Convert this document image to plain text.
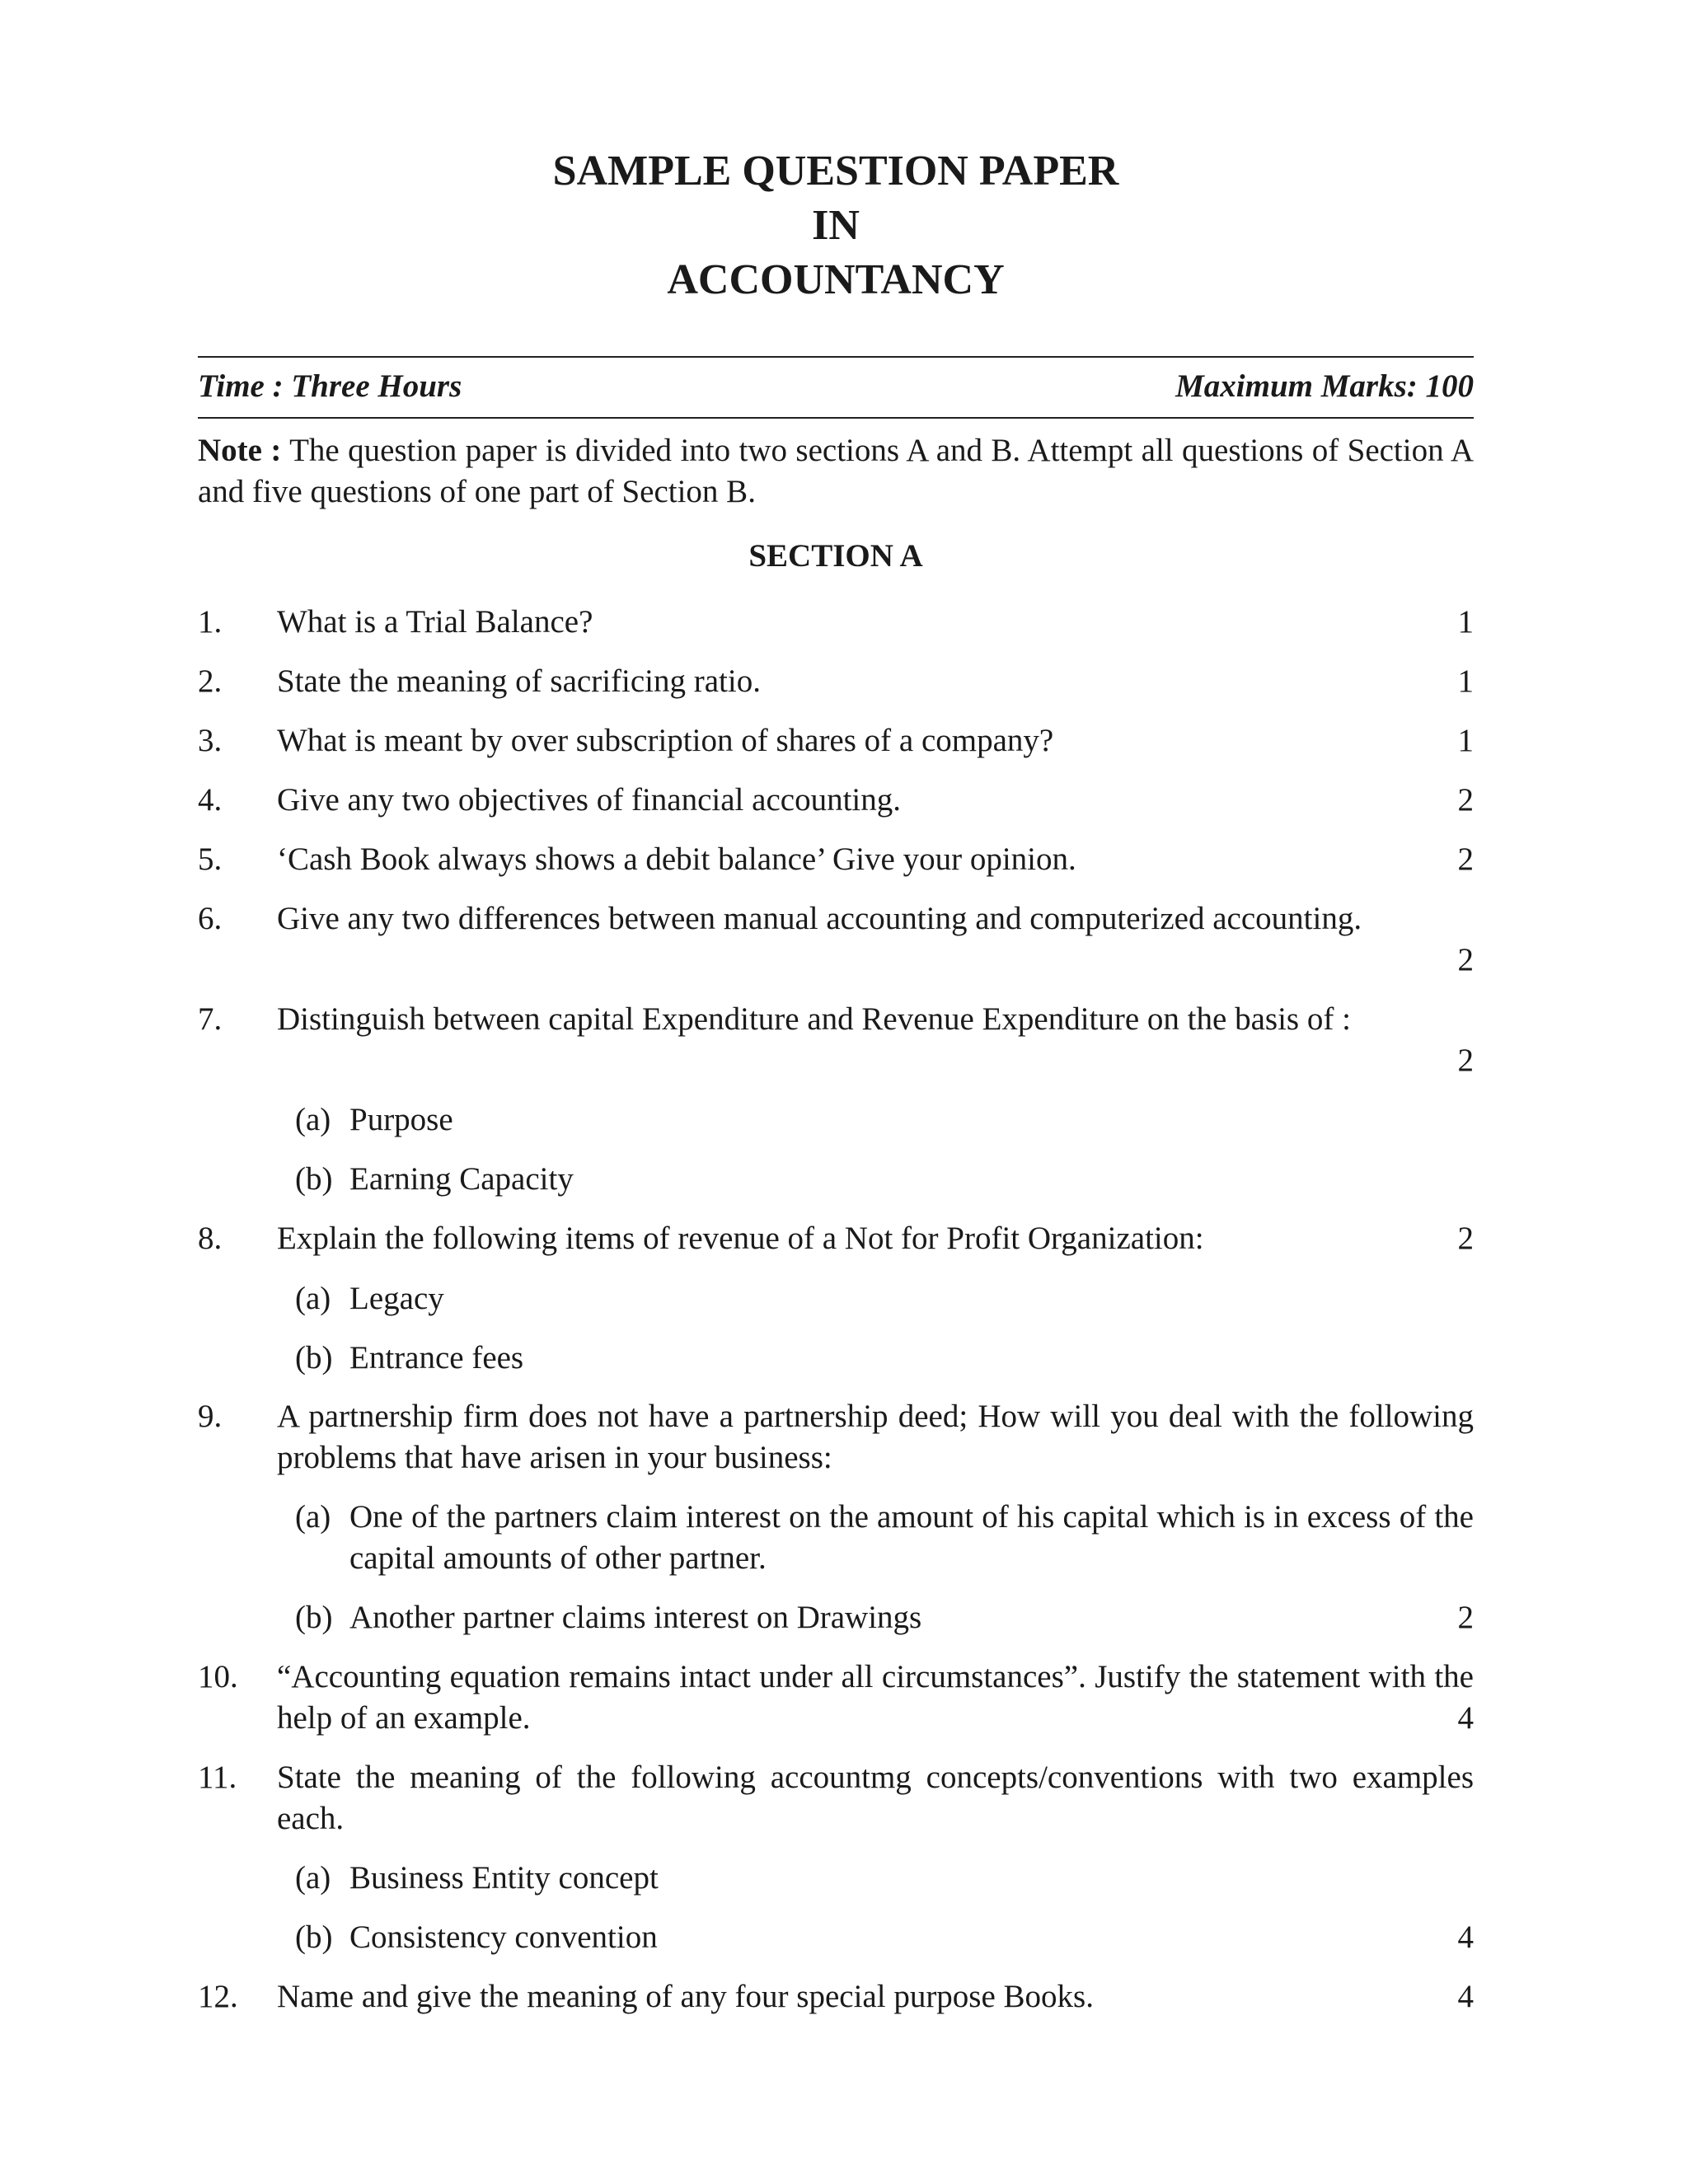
SAMPLE QUESTION PAPER
IN
ACCOUNTANCY
Time : Three Hours	Maximum Marks: 100
Note : The question paper is divided into two sections A and B. Attempt all questions of Section A and five questions of one part of Section B.
SECTION A
1. What is a Trial Balance?	1
2. State the meaning of sacrificing ratio.	1
3. What is meant by over subscription of shares of a company?	1
4. Give any two objectives of financial accounting.	2
5. ‘Cash Book always shows a debit balance’ Give your opinion.	2
6. Give any two differences between manual accounting and computerized accounting.
2
7. Distinguish between capital Expenditure and Revenue Expenditure on the basis of :
2
(a) Purpose
(b) Earning Capacity
8. Explain the following items of revenue of a Not for Profit Organization:	2
(a) Legacy
(b) Entrance fees
9. A partnership firm does not have a partnership deed; How will you deal with the following problems that have arisen in your business:
(a) One of the partners claim interest on the amount of his capital which is in excess of the capital amounts of other partner.
(b) Another partner claims interest on Drawings	2
10. “Accounting equation remains intact under all circumstances”. Justify the statement with the help of an example.	4
11. State the meaning of the following accountmg concepts/conventions with two examples each.
(a) Business Entity concept
(b) Consistency convention	4
12. Name and give the meaning of any four special purpose Books.	4
